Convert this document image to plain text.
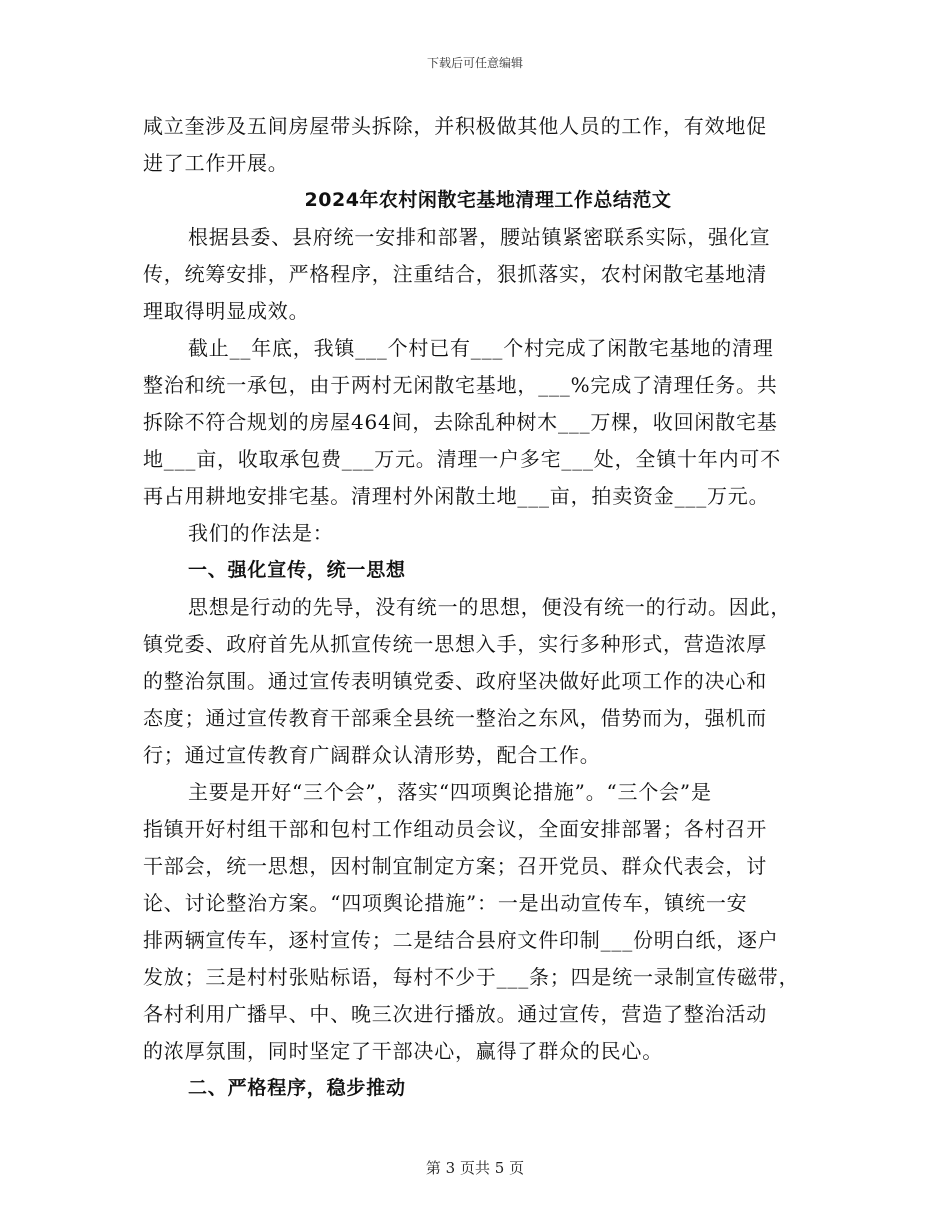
下载后可任意编辑
咸立奎涉及五间房屋带头拆除，并积极做其他人员的工作，有效地促
进了工作开展。
2024年农村闲散宅基地清理工作总结范文
根据县委、县府统一安排和部署，腰站镇紧密联系实际，强化宣
传，统筹安排，严格程序，注重结合，狠抓落实，农村闲散宅基地清
理取得明显成效。
截止__年底，我镇___个村已有___个村完成了闲散宅基地的清理
整治和统一承包，由于两村无闲散宅基地，___%完成了清理任务。共
拆除不符合规划的房屋464间，去除乱种树木___万棵，收回闲散宅基
地___亩，收取承包费___万元。清理一户多宅___处，全镇十年内可不
再占用耕地安排宅基。清理村外闲散土地___亩，拍卖资金___万元。
我们的作法是：
一、强化宣传，统一思想
思想是行动的先导，没有统一的思想，便没有统一的行动。因此，
镇党委、政府首先从抓宣传统一思想入手，实行多种形式，营造浓厚
的整治氛围。通过宣传表明镇党委、政府坚决做好此项工作的决心和
态度；通过宣传教育干部乘全县统一整治之东风，借势而为，强机而
行；通过宣传教育广阔群众认清形势，配合工作。
主要是开好“三个会”，落实“四项舆论措施”。“三个会”是
指镇开好村组干部和包村工作组动员会议，全面安排部署；各村召开
干部会，统一思想，因村制宜制定方案；召开党员、群众代表会，讨
论、讨论整治方案。“四项舆论措施”：一是出动宣传车，镇统一安
排两辆宣传车，逐村宣传；二是结合县府文件印制___份明白纸，逐户
发放；三是村村张贴标语，每村不少于___条；四是统一录制宣传磁带，
各村利用广播早、中、晚三次进行播放。通过宣传，营造了整治活动
的浓厚氛围，同时坚定了干部决心，赢得了群众的民心。
二、严格程序，稳步推动
第 3 页共 5 页
